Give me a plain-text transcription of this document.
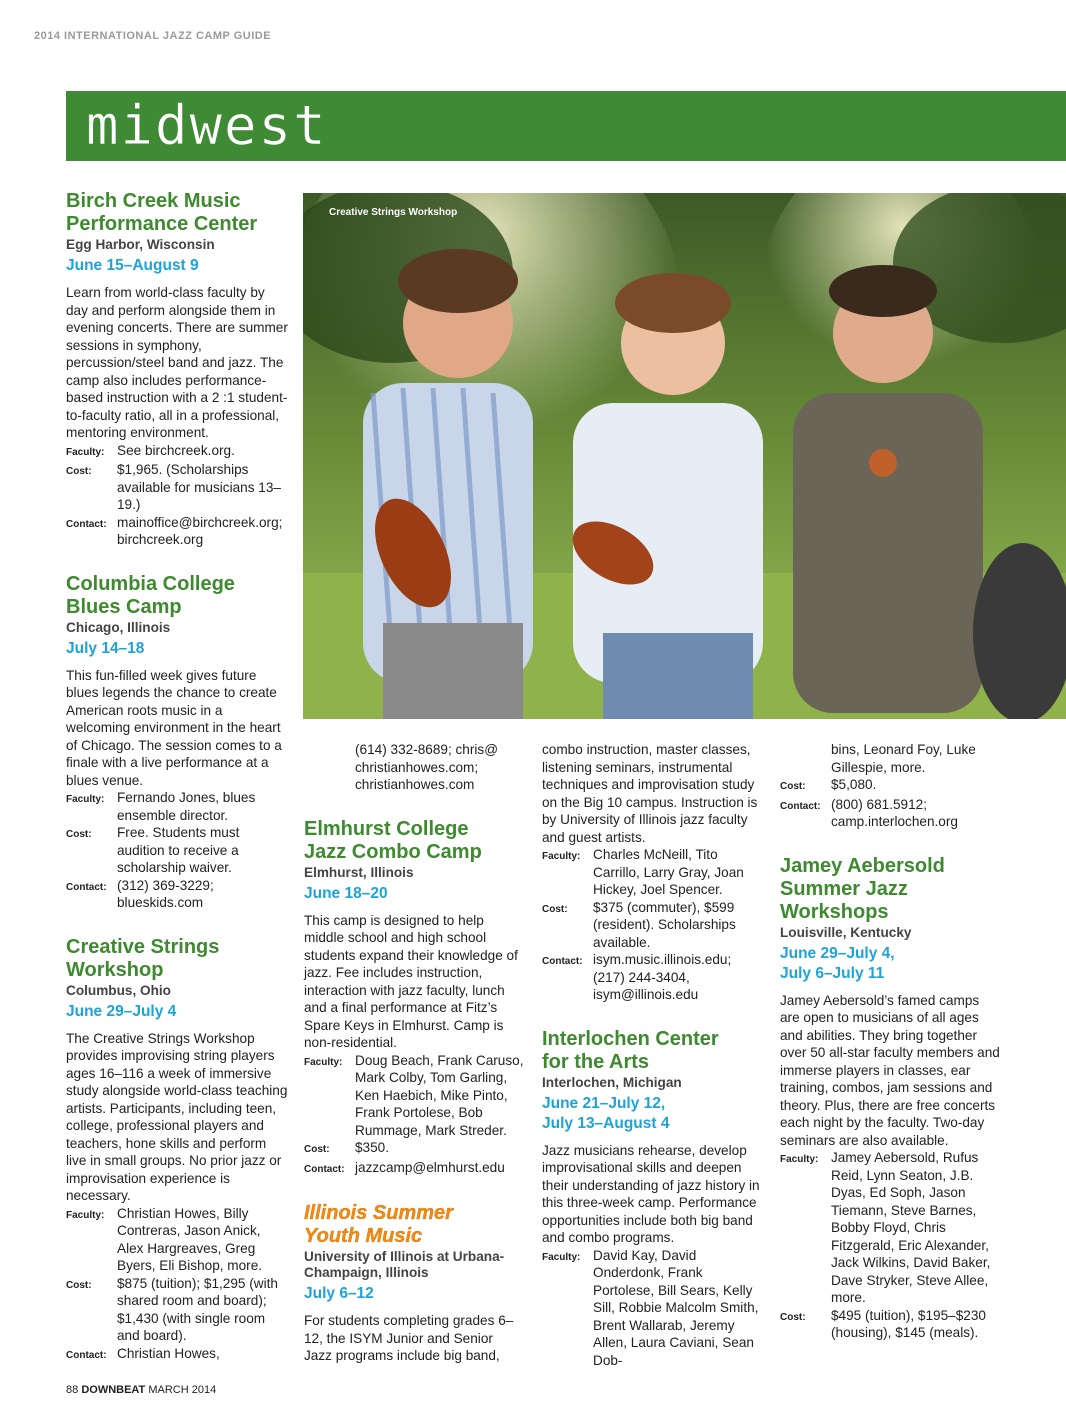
2014 INTERNATIONAL JAZZ CAMP GUIDE
midwest
Creative Strings Workshop
Birch Creek Music
Performance Center
Egg Harbor, Wisconsin
June 15–August 9
Learn from world-class faculty by day and perform alongside them in evening concerts. There are summer sessions in symphony, percussion/steel band and jazz. The camp also includes performance-based instruction with a 2 :1 student-to-faculty ratio, all in a professional, mentoring environment.
Faculty: See birchcreek.org.
Cost:	$1,965. (Scholarships available for musicians 13–19.)
Contact: mainoffice@birchcreek.org; birchcreek.org
Columbia College
Blues Camp
Chicago, Illinois
July 14–18
This fun-filled week gives future blues legends the chance to create American roots music in a welcoming environment in the heart of Chicago. The session comes to a finale with a live performance at a blues venue.
Faculty: Fernando Jones, blues ensemble director.
Cost:	Free. Students must audition to receive a scholarship waiver.
Contact: (312) 369-3229; blueskids.com
Creative Strings
Workshop
Columbus, Ohio
June 29–July 4
The Creative Strings Workshop provides improvising string players ages 16–116 a week of immersive study alongside world-class teaching artists. Participants, including teen, college, professional players and teachers, hone skills and perform live in small groups. No prior jazz or improvisation experience is necessary.
Faculty: Christian Howes, Billy Contreras, Jason Anick, Alex Hargreaves, Greg Byers, Eli Bishop, more.
Cost:	$875 (tuition); $1,295 (with shared room and board); $1,430 (with single room and board).
Contact: Christian Howes,
(614) 332-8689; chris@ christianhowes.com; christianhowes.com
Elmhurst College
Jazz Combo Camp
Elmhurst, Illinois
June 18–20
This camp is designed to help middle school and high school students expand their knowledge of jazz. Fee includes instruction, interaction with jazz faculty, lunch and a final performance at Fitz’s Spare Keys in Elmhurst. Camp is non-residential.
Faculty: Doug Beach, Frank Caruso, Mark Colby, Tom Garling, Ken Haebich, Mike Pinto, Frank Portolese, Bob Rummage, Mark Streder.
Cost:	$350.
Contact: jazzcamp@elmhurst.edu
Illinois Summer
Youth Music
University of Illinois at Urbana-Champaign, Illinois
July 6–12
For students completing grades 6–12, the ISYM Junior and Senior Jazz programs include big band,
combo instruction, master classes, listening seminars, instrumental techniques and improvisation study on the Big 10 campus. Instruction is by University of Illinois jazz faculty and guest artists.
Faculty: Charles McNeill, Tito Carrillo, Larry Gray, Joan Hickey, Joel Spencer.
Cost:	$375 (commuter), $599 (resident). Scholarships available.
Contact: isym.music.illinois.edu; (217) 244-3404, isym@illinois.edu
Interlochen Center
for the Arts
Interlochen, Michigan
June 21–July 12,
July 13–August 4
Jazz musicians rehearse, develop improvisational skills and deepen their understanding of jazz history in this three-week camp. Performance opportunities include both big band and combo programs.
Faculty: David Kay, David Onderdonk, Frank Portolese, Bill Sears, Kelly Sill, Robbie Malcolm Smith, Brent Wallarab, Jeremy Allen, Laura Caviani, Sean Dob-
bins, Leonard Foy, Luke Gillespie, more.
Cost:	$5,080.
Contact: (800) 681.5912; camp.interlochen.org
Jamey Aebersold
Summer Jazz
Workshops
Louisville, Kentucky
June 29–July 4,
July 6–July 11
Jamey Aebersold’s famed camps are open to musicians of all ages and abilities. They bring together over 50 all-star faculty members and immerse players in classes, ear training, combos, jam sessions and theory. Plus, there are free concerts each night by the faculty. Two-day seminars are also available.
Faculty: Jamey Aebersold, Rufus Reid, Lynn Seaton, J.B. Dyas, Ed Soph, Jason Tiemann, Steve Barnes, Bobby Floyd, Chris Fitzgerald, Eric Alexander, Jack Wilkins, David Baker, Dave Stryker, Steve Allee, more.
Cost:	$495 (tuition), $195–$230 (housing), $145 (meals).
88 DOWNBEAT MARCH 2014
